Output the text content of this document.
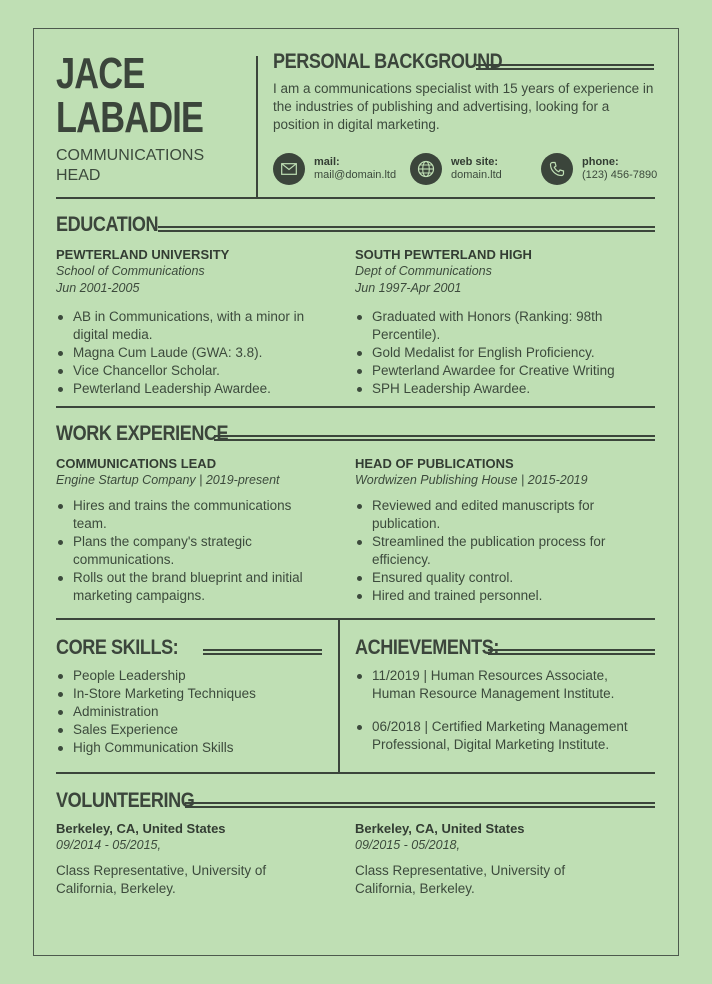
JACE
LABADIE
COMMUNICATIONS
HEAD
PERSONAL BACKGROUND
I am a communications specialist with 15 years of experience in the industries of publishing and advertising, looking for a position in digital marketing.
mail:
mail@domain.ltd
web site:
domain.ltd
phone:
(123) 456-7890
EDUCATION
PEWTERLAND UNIVERSITY
School of Communications
Jun 2001-2005
AB in Communications, with a minor in digital media.
Magna Cum Laude (GWA: 3.8).
Vice Chancellor Scholar.
Pewterland Leadership Awardee.
SOUTH PEWTERLAND HIGH
Dept of Communications
Jun 1997-Apr 2001
Graduated with Honors (Ranking: 98th Percentile).
Gold Medalist for English Proficiency.
Pewterland Awardee for Creative Writing
SPH Leadership Awardee.
WORK EXPERIENCE
COMMUNICATIONS LEAD
Engine Startup Company | 2019-present
Hires and trains the communications team.
Plans the company's strategic communications.
Rolls out the brand blueprint and initial marketing campaigns.
HEAD OF PUBLICATIONS
Wordwizen Publishing House | 2015-2019
Reviewed and edited manuscripts for publication.
Streamlined the publication process for efficiency.
Ensured quality control.
Hired and trained personnel.
CORE SKILLS:
People Leadership
In-Store Marketing Techniques
Administration
Sales Experience
High Communication Skills
ACHIEVEMENTS:
11/2019 | Human Resources Associate, Human Resource Management Institute.
06/2018 | Certified Marketing Management Professional, Digital Marketing Institute.
VOLUNTEERING
Berkeley, CA, United States
09/2014 - 05/2015,
Class Representative, University of California, Berkeley.
Berkeley, CA, United States
09/2015 - 05/2018,
Class Representative, University of California, Berkeley.
